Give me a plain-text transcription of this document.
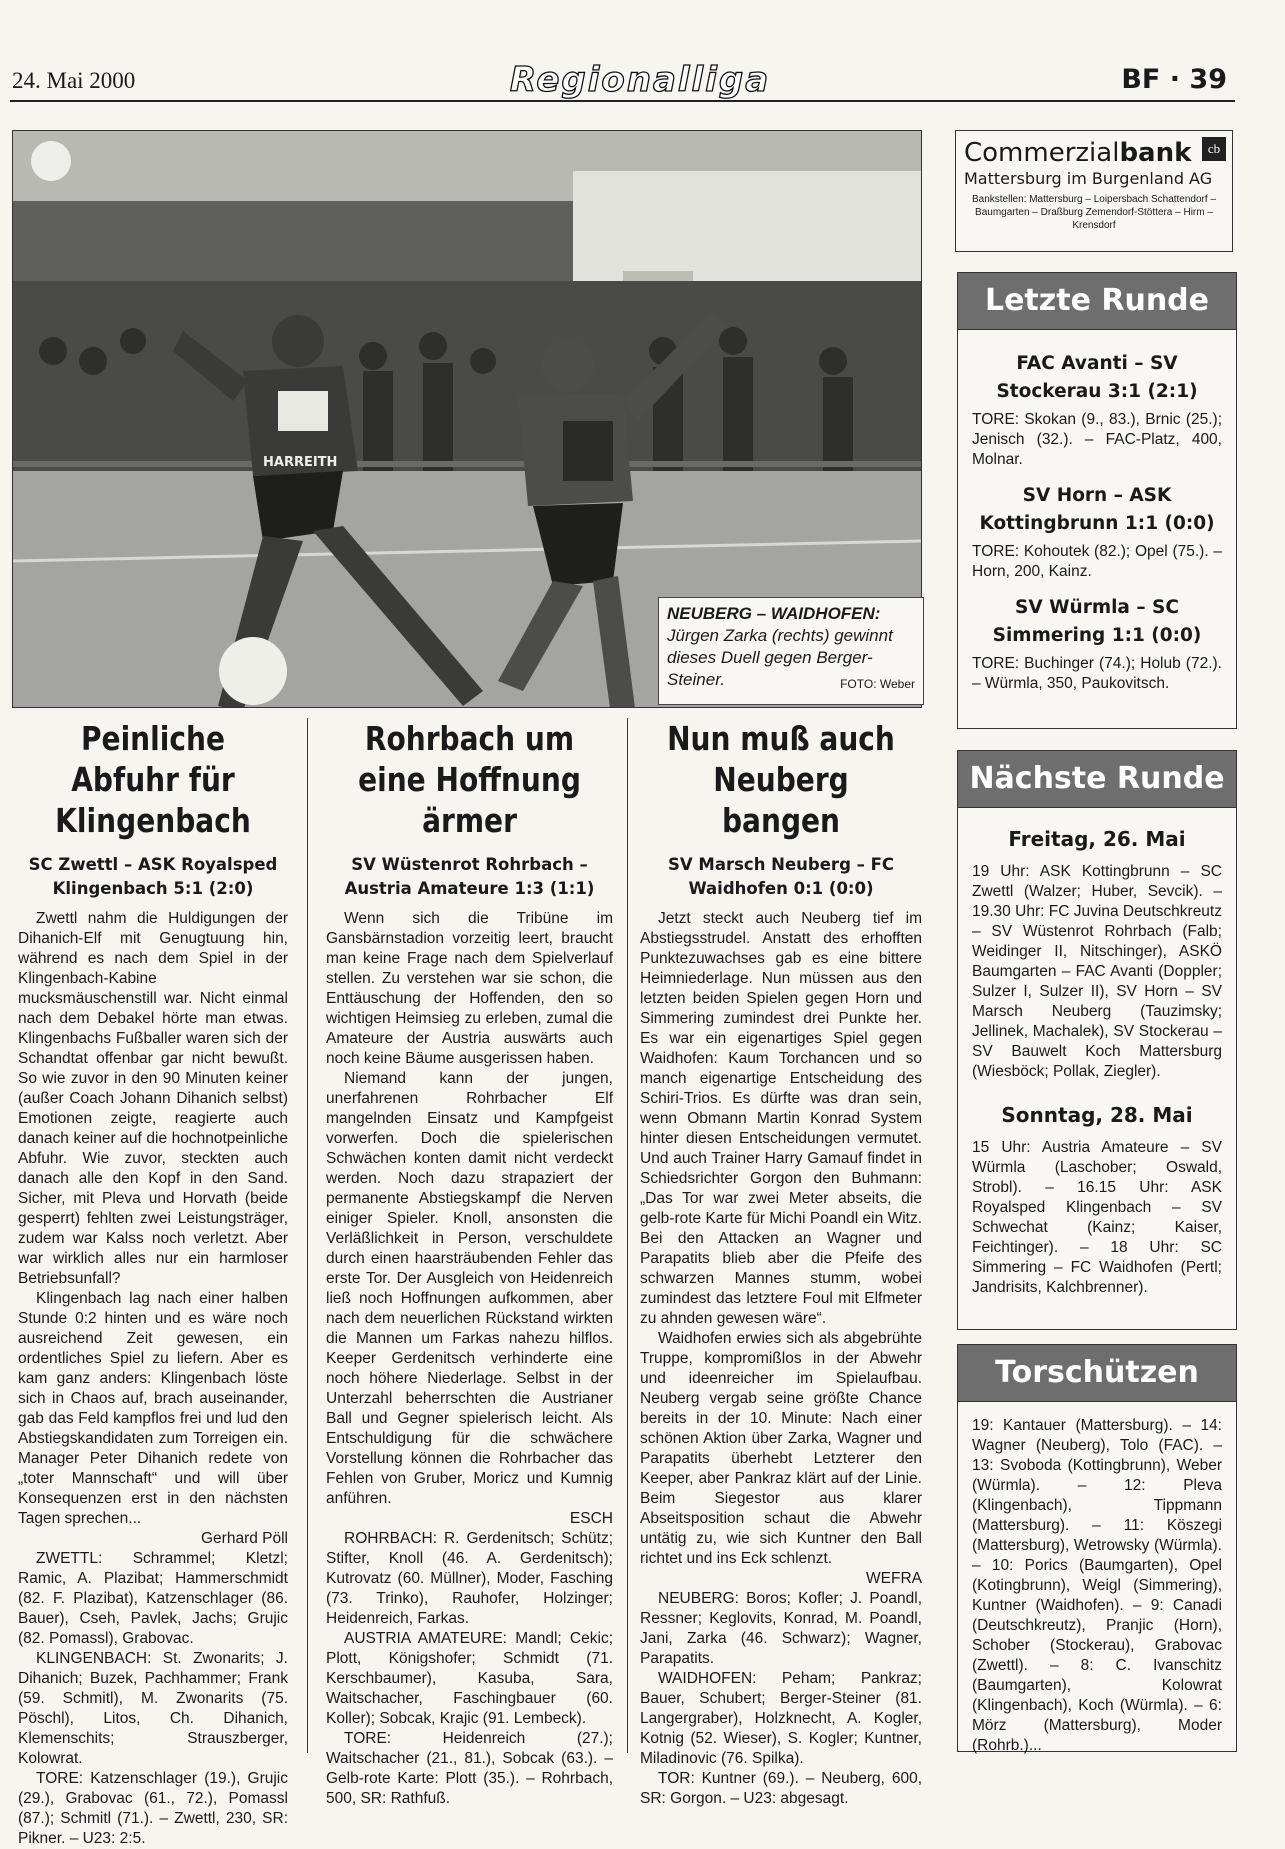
24. Mai 2000	Regionalliga	BF · 39
HARREITH
NEUBERG – WAIDHOFEN: Jürgen Zarka (rechts) gewinnt dieses Duell gegen Berger-Steiner.	FOTO: Weber
Peinliche Abfuhr für Klingenbach
SC Zwettl – ASK Royalsped Klingenbach 5:1 (2:0)

Zwettl nahm die Huldigungen der Dihanich-Elf mit Genugtuung hin, während es nach dem Spiel in der Klingenbach-Kabine mucksmäuschenstill war. Nicht einmal nach dem Debakel hörte man etwas. Klingenbachs Fußballer waren sich der Schandtat offenbar gar nicht bewußt. So wie zuvor in den 90 Minuten keiner (außer Coach Johann Dihanich selbst) Emotionen zeigte, reagierte auch danach keiner auf die hochnotpeinliche Abfuhr. Wie zuvor, steckten auch danach alle den Kopf in den Sand. Sicher, mit Pleva und Horvath (beide gesperrt) fehlten zwei Leistungsträger, zudem war Kalss noch verletzt. Aber war wirklich alles nur ein harmloser Betriebsunfall?

Klingenbach lag nach einer halben Stunde 0:2 hinten und es wäre noch ausreichend Zeit gewesen, ein ordentliches Spiel zu liefern. Aber es kam ganz anders: Klingenbach löste sich in Chaos auf, brach auseinander, gab das Feld kampflos frei und lud den Abstiegskandidaten zum Torreigen ein. Manager Peter Dihanich redete von „toter Mannschaft“ und will über Konsequenzen erst in den nächsten Tagen sprechen...

Gerhard Pöll

ZWETTL: Schrammel; Kletzl; Ramic, A. Plazibat; Hammerschmidt (82. F. Plazibat), Katzenschlager (86. Bauer), Cseh, Pavlek, Jachs; Grujic (82. Pomassl), Grabovac.

KLINGENBACH: St. Zwonarits; J. Dihanich; Buzek, Pachhammer; Frank (59. Schmitl), M. Zwonarits (75. Pöschl), Litos, Ch. Dihanich, Klemenschits; Strauszberger, Kolowrat.

TORE: Katzenschlager (19.), Grujic (29.), Grabovac (61., 72.), Pomassl (87.); Schmitl (71.). – Zwettl, 230, SR: Pikner. – U23: 2:5.

Rohrbach um eine Hoffnung ärmer
SV Wüstenrot Rohrbach – Austria Amateure 1:3 (1:1)

Wenn sich die Tribüne im Gansbärnstadion vorzeitig leert, braucht man keine Frage nach dem Spielverlauf stellen. Zu verstehen war sie schon, die Enttäuschung der Hoffenden, den so wichtigen Heimsieg zu erleben, zumal die Amateure der Austria auswärts auch noch keine Bäume ausgerissen haben.

Niemand kann der jungen, unerfahrenen Rohrbacher Elf mangelnden Einsatz und Kampfgeist vorwerfen. Doch die spielerischen Schwächen konten damit nicht verdeckt werden. Noch dazu strapaziert der permanente Abstiegskampf die Nerven einiger Spieler. Knoll, ansonsten die Verläßlichkeit in Person, verschuldete durch einen haarsträubenden Fehler das erste Tor. Der Ausgleich von Heidenreich ließ noch Hoffnungen aufkommen, aber nach dem neuerlichen Rückstand wirkten die Mannen um Farkas nahezu hilflos. Keeper Gerdenitsch verhinderte eine noch höhere Niederlage. Selbst in der Unterzahl beherrschten die Austrianer Ball und Gegner spielerisch leicht. Als Entschuldigung für die schwächere Vorstellung können die Rohrbacher das Fehlen von Gruber, Moricz und Kumnig anführen.

ESCH

ROHRBACH: R. Gerdenitsch; Schütz; Stifter, Knoll (46. A. Gerdenitsch); Kutrovatz (60. Müllner), Moder, Fasching (73. Trinko), Rauhofer, Holzinger; Heidenreich, Farkas.

AUSTRIA AMATEURE: Mandl; Cekic; Plott, Königshofer; Schmidt (71. Kerschbaumer), Kasuba, Sara, Waitschacher, Faschingbauer (60. Koller); Sobcak, Krajic (91. Lembeck).

TORE: Heidenreich (27.); Waitschacher (21., 81.), Sobcak (63.). – Gelb-rote Karte: Plott (35.). – Rohrbach, 500, SR: Rathfuß.

Nun muß auch Neuberg bangen
SV Marsch Neuberg – FC Waidhofen 0:1 (0:0)

Jetzt steckt auch Neuberg tief im Abstiegsstrudel. Anstatt des erhofften Punktezuwachses gab es eine bittere Heimniederlage. Nun müssen aus den letzten beiden Spielen gegen Horn und Simmering zumindest drei Punkte her. Es war ein eigenartiges Spiel gegen Waidhofen: Kaum Torchancen und so manch eigenartige Entscheidung des Schiri-Trios. Es dürfte was dran sein, wenn Obmann Martin Konrad System hinter diesen Entscheidungen vermutet. Und auch Trainer Harry Gamauf findet in Schiedsrichter Gorgon den Buhmann: „Das Tor war zwei Meter abseits, die gelb-rote Karte für Michi Poandl ein Witz. Bei den Attacken an Wagner und Parapatits blieb aber die Pfeife des schwarzen Mannes stumm, wobei zumindest das letztere Foul mit Elfmeter zu ahnden gewesen wäre“.

Waidhofen erwies sich als abgebrühte Truppe, kompromißlos in der Abwehr und ideenreicher im Spielaufbau. Neuberg vergab seine größte Chance bereits in der 10. Minute: Nach einer schönen Aktion über Zarka, Wagner und Parapatits überhebt Letzterer den Keeper, aber Pankraz klärt auf der Linie. Beim Siegestor aus klarer Abseitsposition schaut die Abwehr untätig zu, wie sich Kuntner den Ball richtet und ins Eck schlenzt.

WEFRA

NEUBERG: Boros; Kofler; J. Poandl, Ressner; Keglovits, Konrad, M. Poandl, Jani, Zarka (46. Schwarz); Wagner, Parapatits.

WAIDHOFEN: Peham; Pankraz; Bauer, Schubert; Berger-Steiner (81. Langergraber), Holzknecht, A. Kogler, Kotnig (52. Wieser), S. Kogler; Kuntner, Miladinovic (76. Spilka).

TOR: Kuntner (69.). – Neuberg, 600, SR: Gorgon. – U23: abgesagt.

Commerzialbank	cb
Mattersburg im Burgenland AG
Bankstellen: Mattersburg – Loipersbach Schattendorf – Baumgarten – Draßburg Zemendorf-Stöttera – Hirm – Krensdorf
Letzte Runde
FAC Avanti – SV Stockerau 3:1 (2:1)
TORE: Skokan (9., 83.), Brnic (25.); Jenisch (32.). – FAC-Platz, 400, Molnar.
SV Horn – ASK Kottingbrunn 1:1 (0:0)
TORE: Kohoutek (82.); Opel (75.). – Horn, 200, Kainz.
SV Würmla – SC Simmering 1:1 (0:0)
TORE: Buchinger (74.); Holub (72.). – Würmla, 350, Paukovitsch.
Nächste Runde
Freitag, 26. Mai
19 Uhr: ASK Kottingbrunn – SC Zwettl (Walzer; Huber, Sevcik). – 19.30 Uhr: FC Juvina Deutschkreutz – SV Wüstenrot Rohrbach (Falb; Weidinger II, Nitschinger), ASKÖ Baumgarten – FAC Avanti (Doppler; Sulzer I, Sulzer II), SV Horn – SV Marsch Neuberg (Tauzimsky; Jellinek, Machalek), SV Stockerau – SV Bauwelt Koch Mattersburg (Wiesböck; Pollak, Ziegler).
Sonntag, 28. Mai
15 Uhr: Austria Amateure – SV Würmla (Laschober; Oswald, Strobl). – 16.15 Uhr: ASK Royalsped Klingenbach – SV Schwechat (Kainz; Kaiser, Feichtinger). – 18 Uhr: SC Simmering – FC Waidhofen (Pertl; Jandrisits, Kalchbrenner).
Torschützen
19: Kantauer (Mattersburg). – 14: Wagner (Neuberg), Tolo (FAC). – 13: Svoboda (Kottingbrunn), Weber (Würmla). – 12: Pleva (Klingenbach), Tippmann (Mattersburg). – 11: Köszegi (Mattersburg), Wetrowsky (Würmla). – 10: Porics (Baumgarten), Opel (Kotingbrunn), Weigl (Simmering), Kuntner (Waidhofen). – 9: Canadi (Deutschkreutz), Pranjic (Horn), Schober (Stockerau), Grabovac (Zwettl). – 8: C. Ivanschitz (Baumgarten), Kolowrat (Klingenbach), Koch (Würmla). – 6: Mörz (Mattersburg), Moder (Rohrb.)...
